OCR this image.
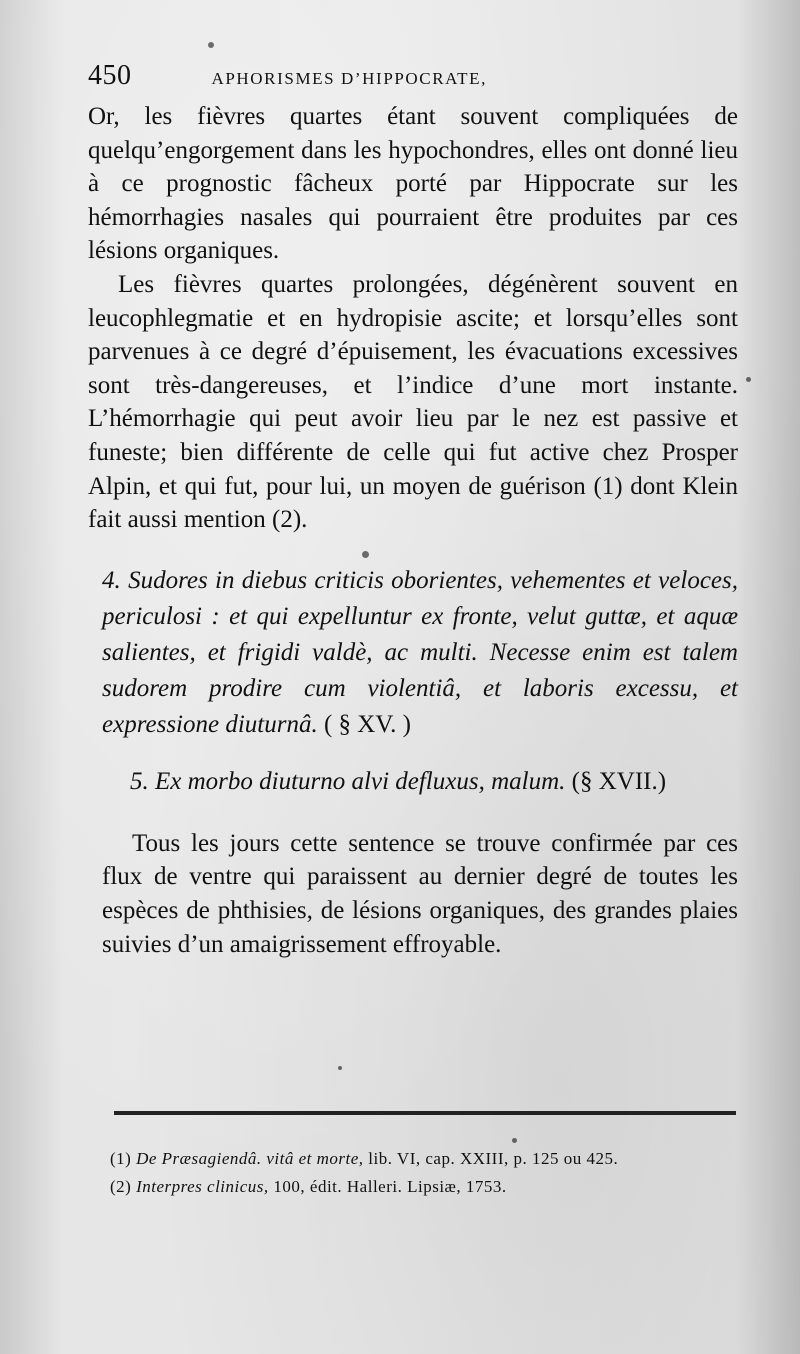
450	APHORISMES D’HIPPOCRATE,

Or, les fièvres quartes étant souvent compliquées de quelqu’engorgement dans les hypochondres, elles ont donné lieu à ce prognostic fâcheux porté par Hippocrate sur les hémorrhagies nasales qui pourraient être produites par ces lésions organiques.

Les fièvres quartes prolongées, dégénèrent souvent en leucophlegmatie et en hydropisie ascite; et lorsqu’elles sont parvenues à ce degré d’épuisement, les évacuations excessives sont très-dangereuses, et l’indice d’une mort instante. L’hémorrhagie qui peut avoir lieu par le nez est passive et funeste; bien différente de celle qui fut active chez Prosper Alpin, et qui fut, pour lui, un moyen de guérison (1) dont Klein fait aussi mention (2).

4. Sudores in diebus criticis oborientes, vehementes et veloces, periculosi : et qui expelluntur ex fronte, velut guttæ, et aquæ salientes, et frigidi valdè, ac multi. Necesse enim est talem sudorem prodire cum violentiâ, et laboris excessu, et expressione diuturnâ. ( § XV. )

5. Ex morbo diuturno alvi defluxus, malum. (§ XVII.)

Tous les jours cette sentence se trouve confirmée par ces flux de ventre qui paraissent au dernier degré de toutes les espèces de phthisies, de lésions organiques, des grandes plaies suivies d’un amaigrissement effroyable.

(1) De Præsagiendâ. vitâ et morte, lib. VI, cap. XXIII, p. 125 ou 425.

(2) Interpres clinicus, 100, édit. Halleri. Lipsiæ, 1753.
